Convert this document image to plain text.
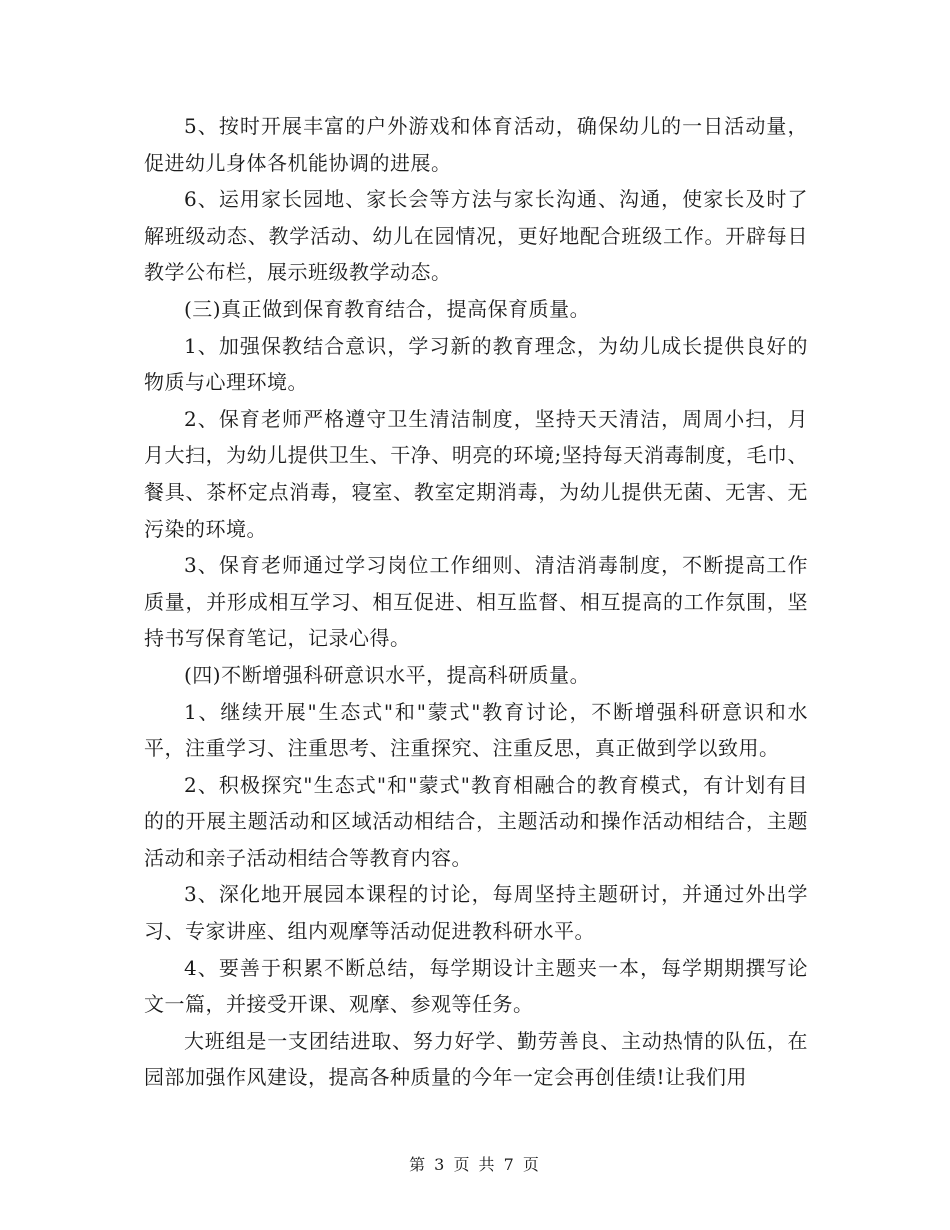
5、按时开展丰富的户外游戏和体育活动，确保幼儿的一日活动量，促进幼儿身体各机能协调的进展。

6、运用家长园地、家长会等方法与家长沟通、沟通，使家长及时了解班级动态、教学活动、幼儿在园情况，更好地配合班级工作。开辟每日教学公布栏，展示班级教学动态。

(三)真正做到保育教育结合，提高保育质量。

1、加强保教结合意识，学习新的教育理念，为幼儿成长提供良好的物质与心理环境。

2、保育老师严格遵守卫生清洁制度，坚持天天清洁，周周小扫，月月大扫，为幼儿提供卫生、干净、明亮的环境;坚持每天消毒制度，毛巾、餐具、茶杯定点消毒，寝室、教室定期消毒，为幼儿提供无菌、无害、无污染的环境。

3、保育老师通过学习岗位工作细则、清洁消毒制度，不断提高工作质量，并形成相互学习、相互促进、相互监督、相互提高的工作氛围，坚持书写保育笔记，记录心得。

(四)不断增强科研意识水平，提高科研质量。

1、继续开展"生态式"和"蒙式"教育讨论，不断增强科研意识和水平，注重学习、注重思考、注重探究、注重反思，真正做到学以致用。

2、积极探究"生态式"和"蒙式"教育相融合的教育模式，有计划有目的的开展主题活动和区域活动相结合，主题活动和操作活动相结合，主题活动和亲子活动相结合等教育内容。

3、深化地开展园本课程的讨论，每周坚持主题研讨，并通过外出学习、专家讲座、组内观摩等活动促进教科研水平。

4、要善于积累不断总结，每学期设计主题夹一本，每学期期撰写论文一篇，并接受开课、观摩、参观等任务。

大班组是一支团结进取、努力好学、勤劳善良、主动热情的队伍，在园部加强作风建设，提高各种质量的今年一定会再创佳绩!让我们用

第 3 页 共 7 页
